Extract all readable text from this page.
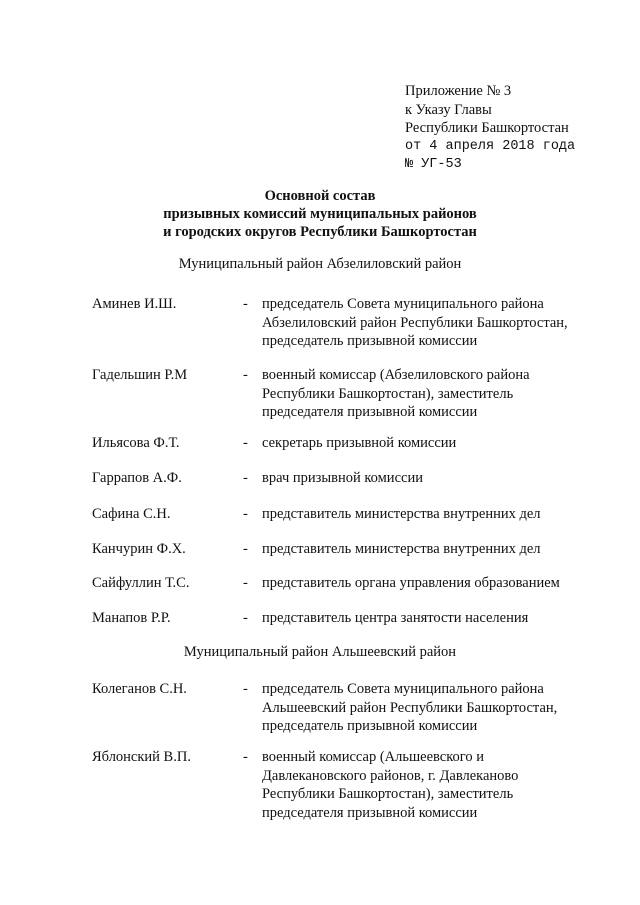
Приложение № 3
к Указу Главы
Республики Башкортостан
от 4 апреля 2018 года
№ УГ-53
Основной состав
призывных комиссий муниципальных районов
и городских округов Республики Башкортостан
Муниципальный район Абзелиловский район
Аминев И.Ш.	- председатель Совета муниципального района
Абзелиловский район Республики Башкортостан,
председатель призывной комиссии
Гадельшин Р.М	- военный комиссар (Абзелиловского района
Республики Башкортостан), заместитель
председателя призывной комиссии
Ильясова Ф.Т.	- секретарь призывной комиссии
Гаррапов А.Ф.	- врач призывной комиссии
Сафина С.Н.	- представитель министерства внутренних дел
Канчурин Ф.Х.	- представитель министерства внутренних дел
Сайфуллин Т.С.	- представитель органа управления образованием
Манапов Р.Р.	- представитель центра занятости населения
Муниципальный район Альшеевский район
Колеганов С.Н.	- председатель Совета муниципального района
Альшеевский район Республики Башкортостан,
председатель призывной комиссии
Яблонский В.П.	- военный комиссар (Альшеевского и
Давлекановского районов, г. Давлеканово
Республики Башкортостан), заместитель
председателя призывной комиссии
